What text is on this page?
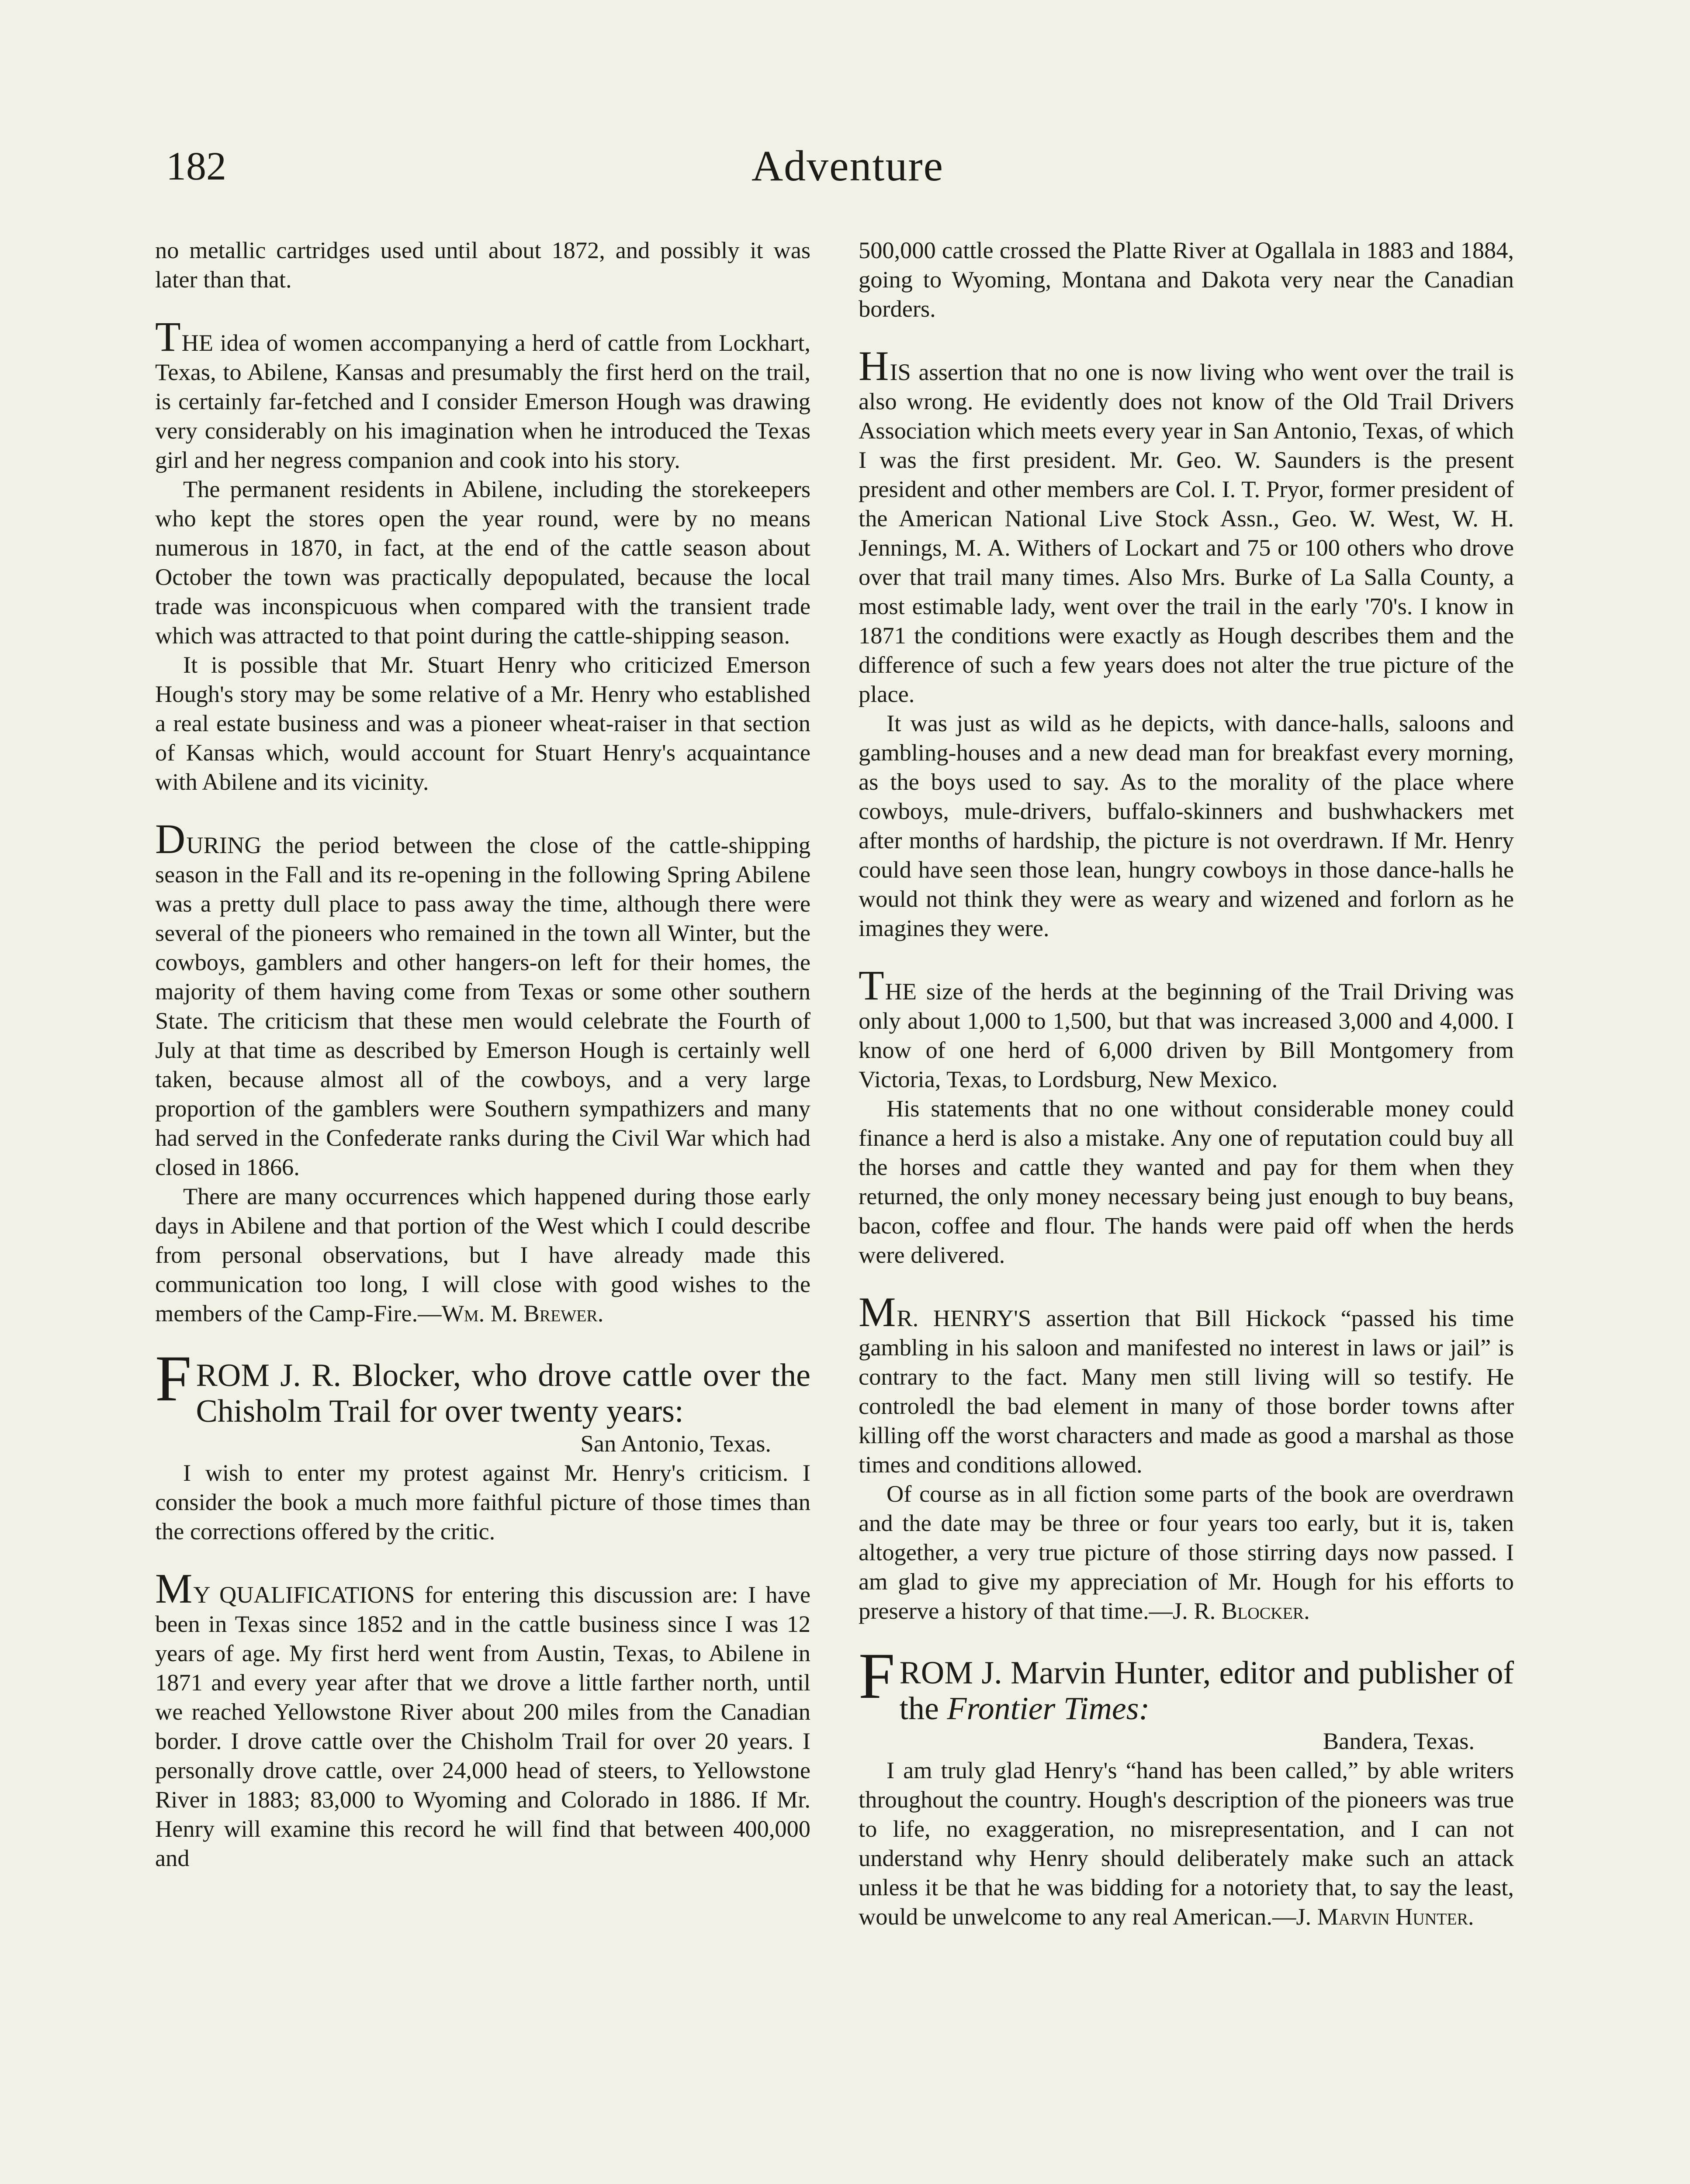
182	Adventure

no metallic cartridges used until about 1872, and possibly it was later than that.

THE idea of women accompanying a herd of cattle from Lockhart, Texas, to Abilene, Kansas and presumably the first herd on the trail, is certainly far-fetched and I consider Emerson Hough was drawing very considerably on his imagination when he introduced the Texas girl and her negress companion and cook into his story.

The permanent residents in Abilene, including the storekeepers who kept the stores open the year round, were by no means numerous in 1870, in fact, at the end of the cattle season about October the town was practically depopulated, because the local trade was inconspicuous when compared with the transient trade which was attracted to that point during the cattle-shipping season.

It is possible that Mr. Stuart Henry who criticized Emerson Hough's story may be some relative of a Mr. Henry who established a real estate business and was a pioneer wheat-raiser in that section of Kansas which, would account for Stuart Henry's acquaintance with Abilene and its vicinity.

DURING the period between the close of the cattle-shipping season in the Fall and its re-opening in the following Spring Abilene was a pretty dull place to pass away the time, although there were several of the pioneers who remained in the town all Winter, but the cowboys, gamblers and other hangers-on left for their homes, the majority of them having come from Texas or some other southern State. The criticism that these men would celebrate the Fourth of July at that time as described by Emerson Hough is certainly well taken, because almost all of the cowboys, and a very large proportion of the gamblers were Southern sympathizers and many had served in the Confederate ranks during the Civil War which had closed in 1866.

There are many occurrences which happened during those early days in Abilene and that portion of the West which I could describe from personal observations, but I have already made this communication too long, I will close with good wishes to the members of the Camp-Fire.—Wm. M. Brewer.

FROM J. R. Blocker, who drove cattle over the Chisholm Trail for over twenty years:

San Antonio, Texas.

I wish to enter my protest against Mr. Henry's criticism. I consider the book a much more faithful picture of those times than the corrections offered by the critic.

MY QUALIFICATIONS for entering this discussion are: I have been in Texas since 1852 and in the cattle business since I was 12 years of age. My first herd went from Austin, Texas, to Abilene in 1871 and every year after that we drove a little farther north, until we reached Yellowstone River about 200 miles from the Canadian border. I drove cattle over the Chisholm Trail for over 20 years. I personally drove cattle, over 24,000 head of steers, to Yellowstone River in 1883; 83,000 to Wyoming and Colorado in 1886. If Mr. Henry will examine this record he will find that between 400,000 and

500,000 cattle crossed the Platte River at Ogallala in 1883 and 1884, going to Wyoming, Montana and Dakota very near the Canadian borders.

HIS assertion that no one is now living who went over the trail is also wrong. He evidently does not know of the Old Trail Drivers Association which meets every year in San Antonio, Texas, of which I was the first president. Mr. Geo. W. Saunders is the present president and other members are Col. I. T. Pryor, former president of the American National Live Stock Assn., Geo. W. West, W. H. Jennings, M. A. Withers of Lockart and 75 or 100 others who drove over that trail many times. Also Mrs. Burke of La Salla County, a most estimable lady, went over the trail in the early '70's. I know in 1871 the conditions were exactly as Hough describes them and the difference of such a few years does not alter the true picture of the place.

It was just as wild as he depicts, with dance-halls, saloons and gambling-houses and a new dead man for breakfast every morning, as the boys used to say. As to the morality of the place where cowboys, mule-drivers, buffalo-skinners and bushwhackers met after months of hardship, the picture is not overdrawn. If Mr. Henry could have seen those lean, hungry cowboys in those dance-halls he would not think they were as weary and wizened and forlorn as he imagines they were.

THE size of the herds at the beginning of the Trail Driving was only about 1,000 to 1,500, but that was increased 3,000 and 4,000. I know of one herd of 6,000 driven by Bill Montgomery from Victoria, Texas, to Lordsburg, New Mexico.

His statements that no one without considerable money could finance a herd is also a mistake. Any one of reputation could buy all the horses and cattle they wanted and pay for them when they returned, the only money necessary being just enough to buy beans, bacon, coffee and flour. The hands were paid off when the herds were delivered.

MR. HENRY'S assertion that Bill Hickock “passed his time gambling in his saloon and manifested no interest in laws or jail” is contrary to the fact. Many men still living will so testify. He controledl the bad element in many of those border towns after killing off the worst characters and made as good a marshal as those times and conditions allowed.

Of course as in all fiction some parts of the book are overdrawn and the date may be three or four years too early, but it is, taken altogether, a very true picture of those stirring days now passed. I am glad to give my appreciation of Mr. Hough for his efforts to preserve a history of that time.—J. R. Blocker.

FROM J. Marvin Hunter, editor and publisher of the Frontier Times:

Bandera, Texas.

I am truly glad Henry's “hand has been called,” by able writers throughout the country. Hough's description of the pioneers was true to life, no exaggeration, no misrepresentation, and I can not understand why Henry should deliberately make such an attack unless it be that he was bidding for a notoriety that, to say the least, would be unwelcome to any real American.—J. Marvin Hunter.
